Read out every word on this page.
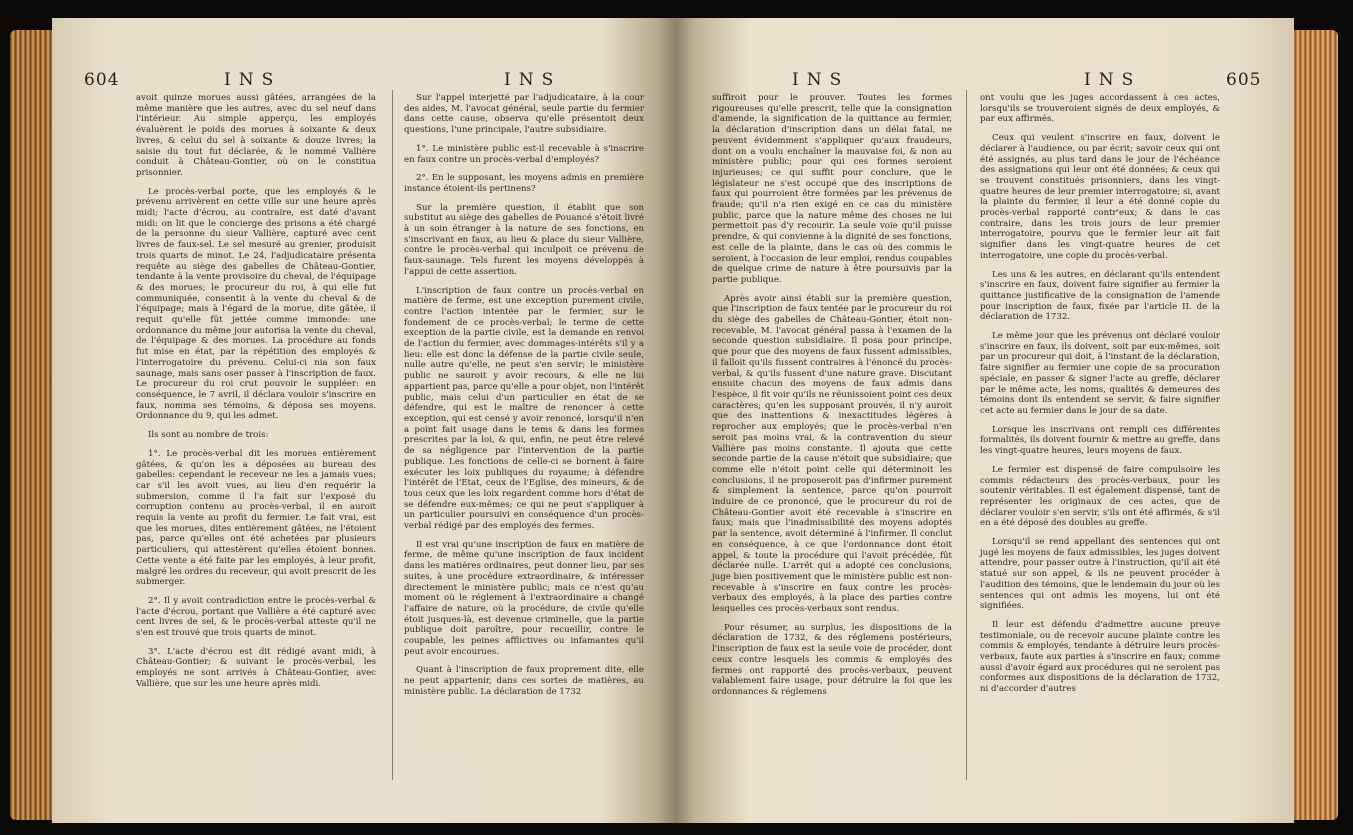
604	INS	INS

avoit quinze morues aussi gâtées, arrangées de la même manière que les autres, avec du sel neuf dans l'intérieur. Au simple apperçu, les employés évaluèrent le poids des morues à soixante & deux livres, & celui du sel à soixante & douze livres; la saisie du tout fut déclarée, & le nommé Vallière conduit à Château-Gontier, où on le constitua prisonnier.

Le procès-verbal porte, que les employés & le prévenu arrivèrent en cette ville sur une heure après midi; l'acte d'écrou, au contraire, est daté d'avant midi: on lit que le concierge des prisons a été chargé de la personne du sieur Vallière, capturé avec cent livres de faux-sel. Le sel mesuré au grenier, produisit trois quarts de minot. Le 24, l'adjudicataire présenta requête au siège des gabelles de Château-Gontier, tendante à la vente provisoire du cheval, de l'équipage & des morues; le procureur du roi, à qui elle fut communiquée, consentit à la vente du cheval & de l'équipage; mais à l'égard de la morue, dite gâtée, il requit qu'elle fût jettée comme immonde: une ordonnance du même jour autorisa la vente du cheval, de l'équipage & des morues. La procédure au fonds fut mise en état, par la répétition des employés & l'interrogatoire du prévenu. Celui-ci nia son faux saunage, mais sans oser passer à l'inscription de faux. Le procureur du roi crut pouvoir le suppléer: en conséquence, le 7 avril, il déclara vouloir s'inscrire en faux, nomma ses témoins, & déposa ses moyens. Ordonnance du 9, qui les admet.

Ils sont au nombre de trois:

1°. Le procès-verbal dit les morues entièrement gâtées, & qu'on les a déposées au bureau des gabelles: cependant le receveur ne les a jamais vues; car s'il les avoit vues, au lieu d'en requérir la submersion, comme il l'a fait sur l'exposé du corruption contenu au procès-verbal, il en auroit requis la vente au profit du fermier. Le fait vrai, est que les morues, dites entièrement gâtées, ne l'étoient pas, parce qu'elles ont été achetées par plusieurs particuliers, qui attestèrent qu'elles étoient bonnes. Cette vente a été faite par les employés, à leur profit, malgré les ordres du receveur, qui avoit prescrit de les submerger.

2°. Il y avoit contradiction entre le procès-verbal & l'acte d'écrou, portant que Vallière a été capturé avec cent livres de sel, & le procès-verbal atteste qu'il ne s'en est trouvé que trois quarts de minot.

3°. L'acte d'écrou est dit rédigé avant midi, à Château-Gontier; & suivant le procès-verbal, les employés ne sont arrivés à Château-Gontier, avec Vallière, que sur les une heure après midi.

Sur l'appel interjetté par l'adjudicataire, à la cour des aides, M. l'avocat général, seule partie du fermier dans cette cause, observa qu'elle présentoit deux questions, l'une principale, l'autre subsidiaire.

1°. Le ministère public est-il recevable à s'inscrire en faux contre un procès-verbal d'employés?

2°. En le supposant, les moyens admis en première instance étoient-ils pertinens?

Sur la première question, il établit que son substitut au siège des gabelles de Pouancé s'étoit livré à un soin étranger à la nature de ses fonctions, en s'inscrivant en faux, au lieu & place du sieur Vallière, contre le procès-verbal qui inculpoit ce prévenu de faux-saunage. Tels furent les moyens développés à l'appui de cette assertion.

L'inscription de faux contre un procès-verbal en matière de ferme, est une exception purement civile, contre l'action intentée par le fermier, sur le fondement de ce procès-verbal; le terme de cette exception de la partie civile, est la demande en renvoi de l'action du fermier, avec dommages-intérêts s'il y a lieu: elle est donc la défense de la partie civile seule, nulle autre qu'elle, ne peut s'en servir; le ministère public ne sauroit y avoir recours, & elle ne lui appartient pas, parce qu'elle a pour objet, non l'intérêt public, mais celui d'un particulier en état de se défendre, qui est le maître de renoncer à cette exception, qui est censé y avoir renoncé, lorsqu'il n'en a point fait usage dans le tems & dans les formes prescrites par la loi, & qui, enfin, ne peut être relevé de sa négligence par l'intervention de la partie publique. Les fonctions de celle-ci se bornent à faire exécuter les loix publiques du royaume; à défendre l'intérêt de l'Etat, ceux de l'Eglise, des mineurs, & de tous ceux que les loix regardent comme hors d'état de se défendre eux-mêmes; ce qui ne peut s'appliquer à un particulier poursuivi en conséquence d'un procès-verbal rédigé par des employés des fermes.

Il est vrai qu'une inscription de faux en matière de ferme, de même qu'une inscription de faux incident dans les matières ordinaires, peut donner lieu, par ses suites, à une procédure extraordinaire, & intéresser directement le ministère public; mais ce n'est qu'au moment où le réglement à l'extraordinaire a changé l'affaire de nature, où la procédure, de civile qu'elle étoit jusques-là, est devenue criminelle, que la partie publique doit paroître, pour recueillir, contre le coupable, les peines afflictives ou infamantes qu'il peut avoir encourues.

Quant à l'inscription de faux proprement dite, elle ne peut appartenir, dans ces sortes de matières, au ministère public. La déclaration de 1732

INS	INS	605

suffiroit pour le prouver. Toutes les formes rigoureuses qu'elle prescrit, telle que la consignation d'amende, la signification de la quittance au fermier, la déclaration d'inscription dans un délai fatal, ne peuvent évidemment s'appliquer qu'aux fraudeurs, dont on a voulu enchaîner la mauvaise foi, & non au ministère public; pour qui ces formes seroient injurieuses; ce qui suffit pour conclure, que le législateur ne s'est occupé que des inscriptions de faux qui pourroient être formées par les prévenus de fraude; qu'il n'a rien exigé en ce cas du ministère public, parce que la nature même des choses ne lui permettoit pas d'y recourir. La seule voie qu'il puisse prendre, & qui convienne à la dignité de ses fonctions, est celle de la plainte, dans le cas où des commis le seroient, à l'occasion de leur emploi, rendus coupables de quelque crime de nature à être poursuivis par la partie publique.

Après avoir ainsi établi sur la première question, que l'inscription de faux tentée par le procureur du roi du siège des gabelles de Château-Gontier, étoit non-recevable, M. l'avocat général passa à l'examen de la seconde question subsidiaire. Il posa pour principe, que pour que des moyens de faux fussent admissibles, il falloit qu'ils fussent contraires à l'énoncé du procès-verbal, & qu'ils fussent d'une nature grave. Discutant ensuite chacun des moyens de faux admis dans l'espèce, il fit voir qu'ils ne réunissoient point ces deux caractères; qu'en les supposant prouvés, il n'y auroit que des inattentions & inexactitudes légères à reprocher aux employés; que le procès-verbal n'en seroit pas moins vrai, & la contravention du sieur Vallière pas moins constante. Il ajouta que cette seconde partie de la cause n'étoit que subsidiaire; que comme elle n'étoit point celle qui déterminoit les conclusions, il ne proposeroit pas d'infirmer purement & simplement la sentence, parce qu'on pourroit induire de ce prononcé, que le procureur du roi de Château-Gontier avoit été recevable à s'inscrire en faux; mais que l'inadmissibilité des moyens adoptés par la sentence, avoit déterminé à l'infirmer. Il conclut en conséquence, à ce que l'ordonnance dont étoit appel, & toute la procédure qui l'avoit précédée, fût déclarée nulle. L'arrêt qui a adopté ces conclusions, juge bien positivement que le ministère public est non-recevable à s'inscrire en faux contre les procès-verbaux des employés, à la place des parties contre lesquelles ces procès-verbaux sont rendus.

Pour résumer, au surplus, les dispositions de la déclaration de 1732, & des réglemens postérieurs, l'inscription de faux est la seule voie de procéder, dont ceux contre lesquels les commis & employés des fermes ont rapporté des procès-verbaux, peuvent valablement faire usage, pour détruire la foi que les ordonnances & réglemens

ont voulu que les juges accordassent à ces actes, lorsqu'ils se trouveroient signés de deux employés, & par eux affirmés.

Ceux qui veulent s'inscrire en faux, doivent le déclarer à l'audience, ou par écrit; savoir ceux qui ont été assignés, au plus tard dans le jour de l'échéance des assignations qui leur ont été données; & ceux qui se trouvent constitués prisonniers, dans les vingt-quatre heures de leur premier interrogatoire; si, avant la plainte du fermier, il leur a été donné copie du procès-verbal rapporté contr'eux; & dans le cas contraire, dans les trois jours de leur premier interrogatoire, pourvu que le fermier leur ait fait signifier dans les vingt-quatre heures de cet interrogatoire, une copie du procès-verbal.

Les uns & les autres, en déclarant qu'ils entendent s'inscrire en faux, doivent faire signifier au fermier la quittance justificative de la consignation de l'amende pour inscription de faux, fixée par l'article II. de la déclaration de 1732.

Le même jour que les prévenus ont déclaré vouloir s'inscrire en faux, ils doivent, soit par eux-mêmes, soit par un procureur qui doit, à l'instant de la déclaration, faire signifier au fermier une copie de sa procuration spéciale, en passer & signer l'acte au greffe, déclarer par le même acte, les noms, qualités & demeures des témoins dont ils entendent se servir, & faire signifier cet acte au fermier dans le jour de sa date.

Lorsque les inscrivans ont rempli ces différentes formalités, ils doivent fournir & mettre au greffe, dans les vingt-quatre heures, leurs moyens de faux.

Le fermier est dispensé de faire compulsoire les commis rédacteurs des procès-verbaux, pour les soutenir véritables. Il est également dispensé, tant de représenter les originaux de ces actes, que de déclarer vouloir s'en servir, s'ils ont été affirmés, & s'il en a été déposé des doubles au greffe.

Lorsqu'il se rend appellant des sentences qui ont jugé les moyens de faux admissibles, les juges doivent attendre, pour passer outre à l'instruction, qu'il ait été statué sur son appel, & ils ne peuvent procéder à l'audition des témoins, que le lendemain du jour où les sentences qui ont admis les moyens, lui ont été signifiées.

Il leur est défendu d'admettre aucune preuve testimoniale, ou de recevoir aucune plainte contre les commis & employés, tendante à détruire leurs procès-verbaux, faute aux parties à s'inscrire en faux; comme aussi d'avoir égard aux procédures qui ne seroient pas conformes aux dispositions de la déclaration de 1732, ni d'accorder d'autres
